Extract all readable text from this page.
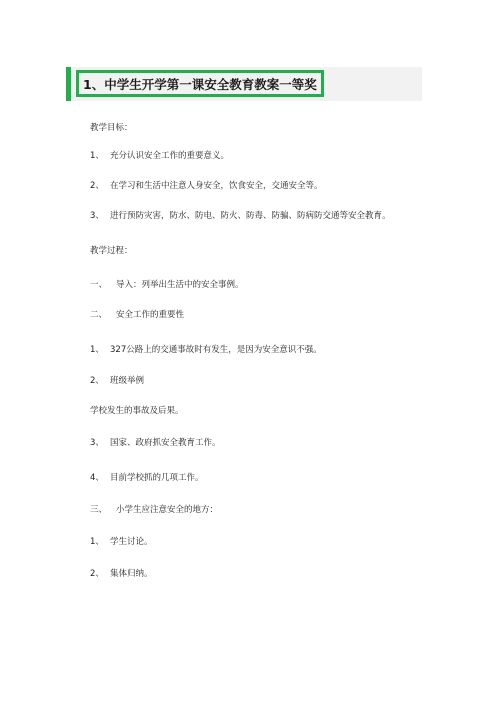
1、中学生开学第一课安全教育教案一等奖
教学目标：
1、 充分认识安全工作的重要意义。
2、 在学习和生活中注意人身安全，饮食安全，交通安全等。
3、 进行预防灾害，防水、防电、防火、防毒、防骗、防病防交通等安全教育。
教学过程：
一、 导入：列举出生活中的安全事例。
二、 安全工作的重要性
1、 327公路上的交通事故时有发生，是因为安全意识不强。
2、 班级举例
学校发生的事故及后果。
3、 国家、政府抓安全教育工作。
4、 目前学校抓的几项工作。
三、 小学生应注意安全的地方：
1、 学生讨论。
2、 集体归纳。
